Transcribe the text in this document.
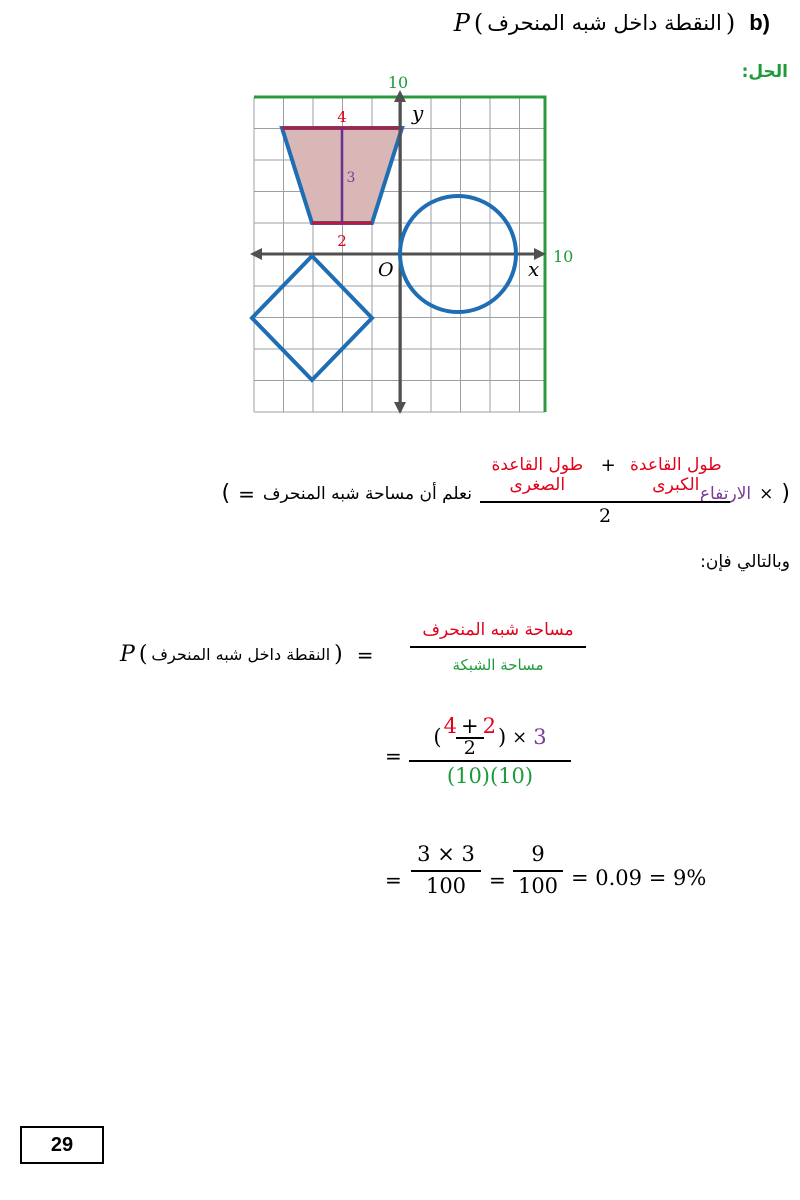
P ( النقطة داخل شبه المنحرف ) b)
الحل:
10
10
y
x
O
4
2
3
الارتفاع × )
طول القاعدة الصغرى
+ طول القاعدة الكبرى
2
( = نعلم أن مساحة شبه المنحرف
وبالتالي فإن:
P ( النقطة داخل شبه المنحرف ) =
مساحة شبه المنحرف
مساحة الشبكة
=
( 4 + 2
2	) × 3
(10)(10)
=
3 × 3
100	=
9
100 = 0.09 = 9%
29
